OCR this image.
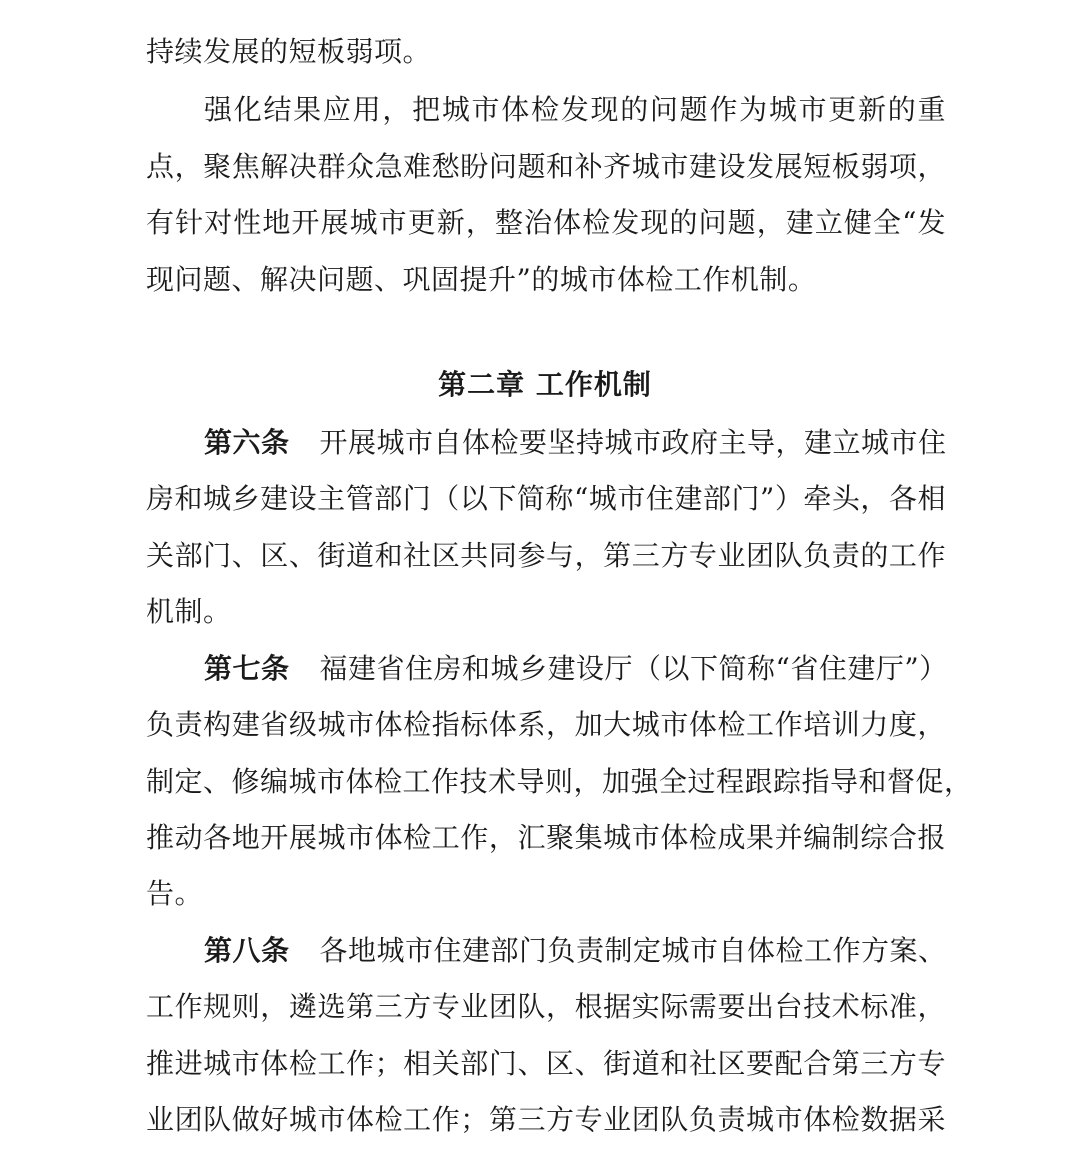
持续发展的短板弱项。
强化结果应用，把城市体检发现的问题作为城市更新的重
点，聚焦解决群众急难愁盼问题和补齐城市建设发展短板弱项，
有针对性地开展城市更新，整治体检发现的问题，建立健全“发
现问题、解决问题、巩固提升”的城市体检工作机制。
第二章 工作机制
第六条 开展城市自体检要坚持城市政府主导，建立城市住
房和城乡建设主管部门（以下简称“城市住建部门”）牵头，各相
关部门、区、街道和社区共同参与，第三方专业团队负责的工作
机制。
第七条 福建省住房和城乡建设厅（以下简称“省住建厅”）
负责构建省级城市体检指标体系，加大城市体检工作培训力度，
制定、修编城市体检工作技术导则，加强全过程跟踪指导和督促，
推动各地开展城市体检工作，汇聚集城市体检成果并编制综合报
告。
第八条 各地城市住建部门负责制定城市自体检工作方案、
工作规则，遴选第三方专业团队，根据实际需要出台技术标准，
推进城市体检工作；相关部门、区、街道和社区要配合第三方专
业团队做好城市体检工作；第三方专业团队负责城市体检数据采
